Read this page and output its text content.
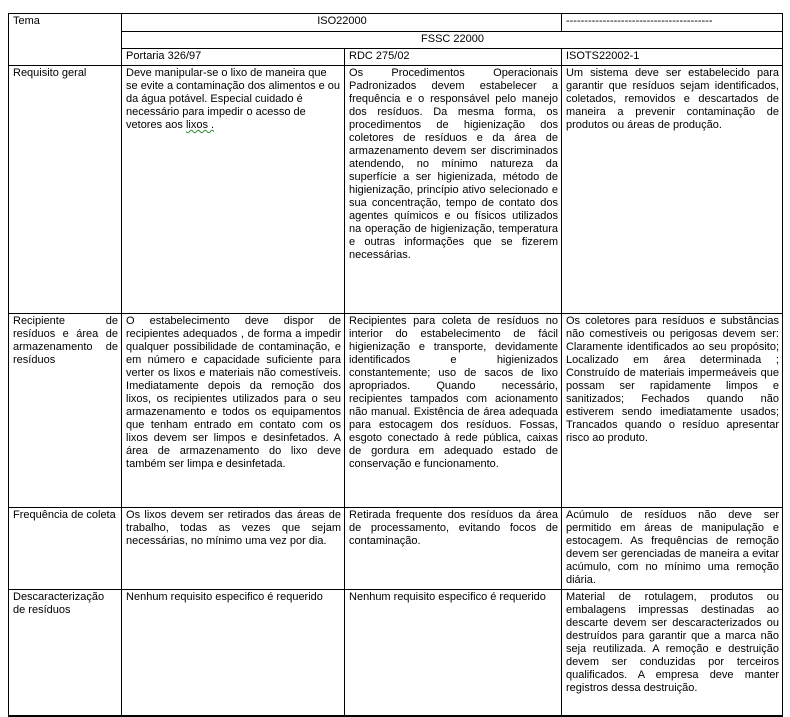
Tema	ISO22000		----------------------------------------
	FSSC 22000		
	Portaria 326/97	RDC 275/02	ISOTS22002-1
Requisito geral	Deve manipular-se o lixo de maneira que se evite a contaminação dos alimentos e ou da água potável. Especial cuidado é necessário para impedir o acesso de vetores aos lixos .	Os Procedimentos Operacionais Padronizados devem estabelecer a frequência e o responsável pelo manejo dos resíduos. Da mesma forma, os procedimentos de higienização dos coletores de resíduos e da área de armazenamento devem ser discriminados atendendo, no mínimo natureza da superfície a ser higienizada, método de higienização, princípio ativo selecionado e sua concentração, tempo de contato dos agentes químicos e ou físicos utilizados na operação de higienização, temperatura e outras informações que se fizerem necessárias.	Um sistema deve ser estabelecido para garantir que resíduos sejam identificados, coletados, removidos e descartados de maneira a prevenir contaminação de produtos ou áreas de produção.
Recipiente de resíduos e área de armazenamento de resíduos	O estabelecimento deve dispor de recipientes adequados , de forma a impedir qualquer possibilidade de contaminação, e em número e capacidade suficiente para verter os lixos e materiais não comestíveis. Imediatamente depois da remoção dos lixos, os recipientes utilizados para o seu armazenamento e todos os equipamentos que tenham entrado em contato com os lixos devem ser limpos e desinfetados. A área de armazenamento do lixo deve também ser limpa e desinfetada.	Recipientes para coleta de resíduos no interior do estabelecimento de fácil higienização e transporte, devidamente identificados e higienizados constantemente; uso de sacos de lixo apropriados. Quando necessário, recipientes tampados com acionamento não manual. Existência de área adequada para estocagem dos resíduos. Fossas, esgoto conectado à rede pública, caixas de gordura em adequado estado de conservação e funcionamento.	Os coletores para resíduos e substâncias não comestíveis ou perigosas devem ser: Claramente identificados ao seu propósito; Localizado em área determinada ; Construído de materiais impermeáveis que possam ser rapidamente limpos e sanitizados; Fechados quando não estiverem sendo imediatamente usados; Trancados quando o resíduo apresentar risco ao produto.
Frequência de coleta	Os lixos devem ser retirados das áreas de trabalho, todas as vezes que sejam necessárias, no mínimo uma vez por dia.	Retirada frequente dos resíduos da área de processamento, evitando focos de contaminação.	Acúmulo de resíduos não deve ser permitido em áreas de manipulação e estocagem. As frequências de remoção devem ser gerenciadas de maneira a evitar acúmulo, com no mínimo uma remoção diária.
Descaracterização de resíduos	Nenhum requisito especifico é requerido	Nenhum requisito especifico é requerido	Material de rotulagem, produtos ou embalagens impressas destinadas ao descarte devem ser descaracterizados ou destruídos para garantir que a marca não seja reutilizada. A remoção e destruição devem ser conduzidas por terceiros qualificados. A empresa deve manter registros dessa destruição.
